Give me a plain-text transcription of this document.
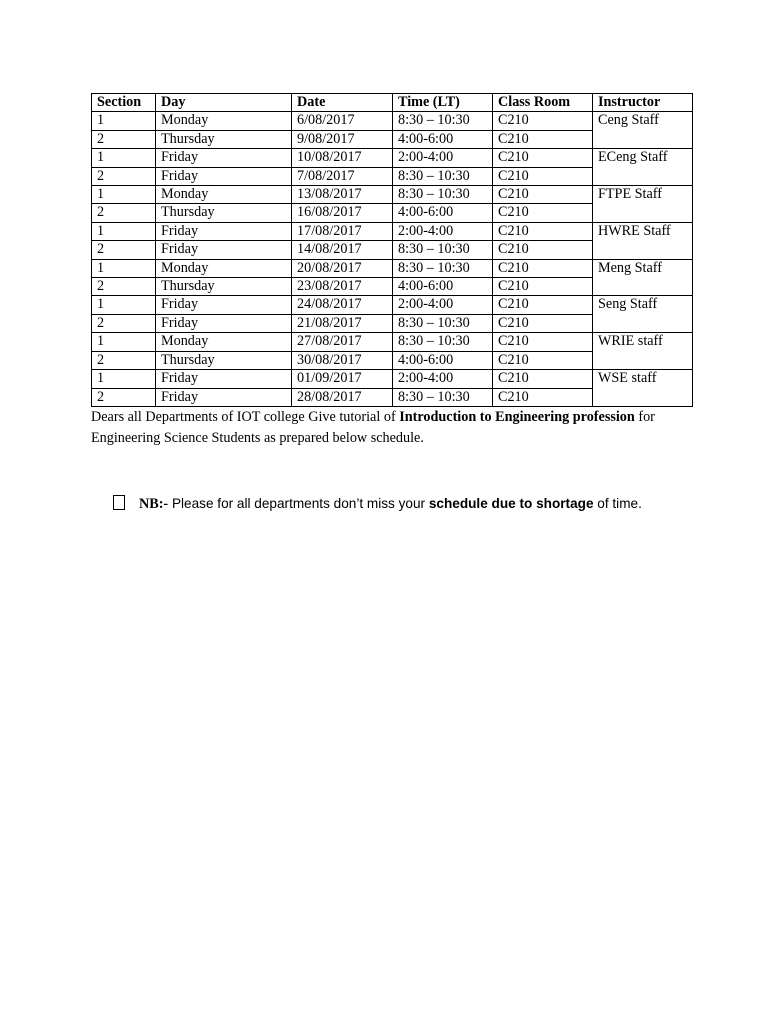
Section	Day	Date	Time (LT)	Class Room	Instructor
1	Monday	6/08/2017	8:30 – 10:30	C210	Ceng Staff
2	Thursday	9/08/2017	4:00-6:00	C210	
1	Friday	10/08/2017	2:00-4:00	C210	ECeng Staff
2	Friday	7/08/2017	8:30 – 10:30	C210	
1	Monday	13/08/2017	8:30 – 10:30	C210	FTPE Staff
2	Thursday	16/08/2017	4:00-6:00	C210	
1	Friday	17/08/2017	2:00-4:00	C210	HWRE Staff
2	Friday	14/08/2017	8:30 – 10:30	C210	
1	Monday	20/08/2017	8:30 – 10:30	C210	Meng Staff
2	Thursday	23/08/2017	4:00-6:00	C210	
1	Friday	24/08/2017	2:00-4:00	C210	Seng Staff
2	Friday	21/08/2017	8:30 – 10:30	C210	
1	Monday	27/08/2017	8:30 – 10:30	C210	WRIE staff
2	Thursday	30/08/2017	4:00-6:00	C210	
1	Friday	01/09/2017	2:00-4:00	C210	WSE staff
2	Friday	28/08/2017	8:30 – 10:30	C210	

Dears all Departments of IOT college Give tutorial of Introduction to Engineering profession for Engineering Science Students as prepared below schedule.

NB:- Please for all departments don’t miss your schedule due to shortage of time.
